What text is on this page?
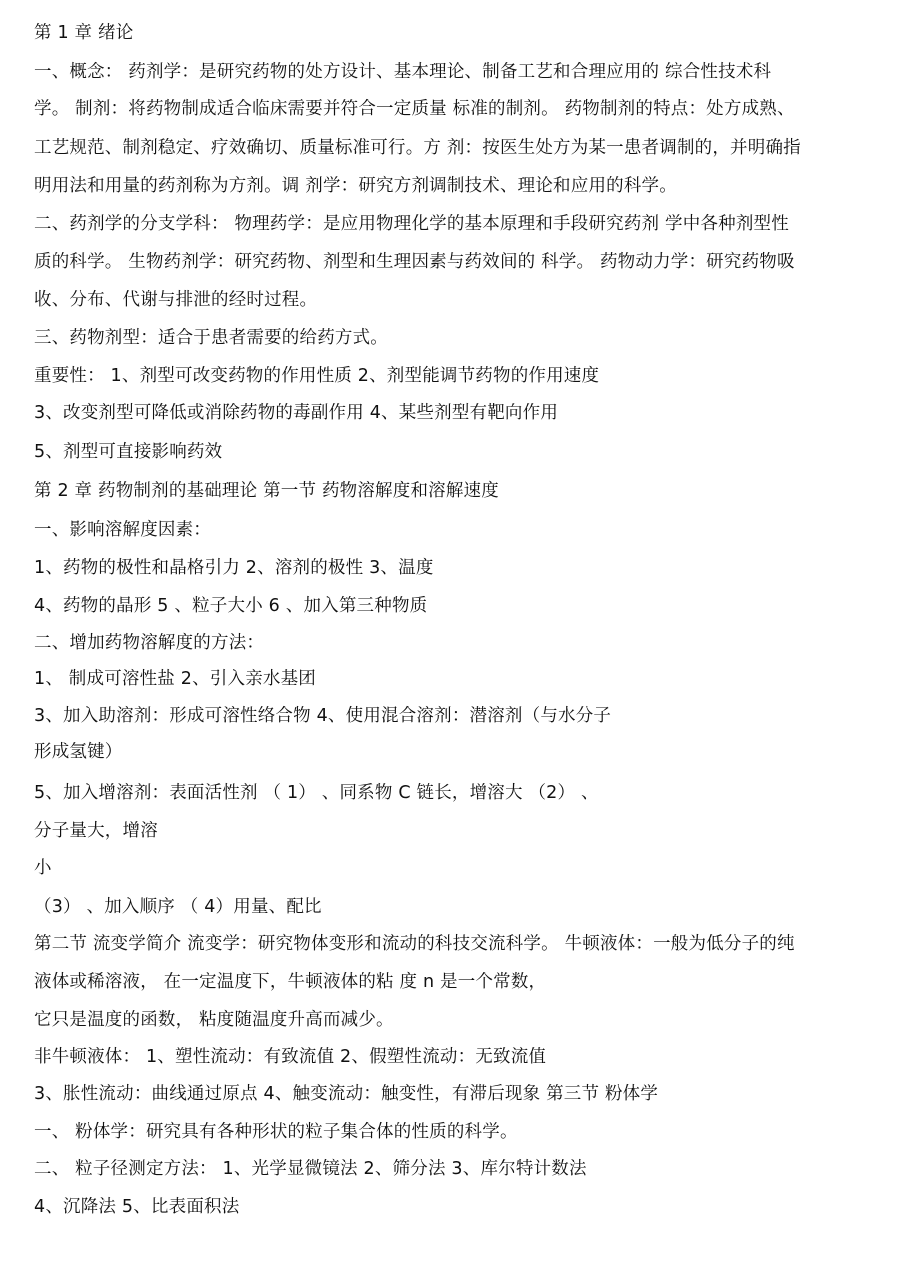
第 1 章 绪论
一、概念： 药剂学：是研究药物的处方设计、基本理论、制备工艺和合理应用的 综合性技术科
学。 制剂：将药物制成适合临床需要并符合一定质量 标准的制剂。 药物制剂的特点：处方成熟、
工艺规范、制剂稳定、疗效确切、质量标准可行。方 剂：按医生处方为某一患者调制的，并明确指
明用法和用量的药剂称为方剂。调 剂学：研究方剂调制技术、理论和应用的科学。
二、药剂学的分支学科： 物理药学：是应用物理化学的基本原理和手段研究药剂 学中各种剂型性
质的科学。 生物药剂学：研究药物、剂型和生理因素与药效间的 科学。 药物动力学：研究药物吸
收、分布、代谢与排泄的经时过程。
三、药物剂型：适合于患者需要的给药方式。
重要性： 1、剂型可改变药物的作用性质 2、剂型能调节药物的作用速度
3、改变剂型可降低或消除药物的毒副作用 4、某些剂型有靶向作用
5、剂型可直接影响药效
第 2 章 药物制剂的基础理论 第一节 药物溶解度和溶解速度
一、影响溶解度因素：
1、药物的极性和晶格引力 2、溶剂的极性 3、温度
4、药物的晶形 5 、粒子大小 6 、加入第三种物质
二、增加药物溶解度的方法：
1、 制成可溶性盐 2、引入亲水基团
3、加入助溶剂：形成可溶性络合物 4、使用混合溶剂：潜溶剂（与水分子
形成氢键）
5、加入增溶剂：表面活性剂 （ 1） 、同系物 C 链长，增溶大 （2） 、
分子量大，增溶
小
（3） 、加入顺序 （ 4）用量、配比
第二节 流变学简介 流变学：研究物体变形和流动的科技交流科学。 牛顿液体：一般为低分子的纯
液体或稀溶液， 在一定温度下，牛顿液体的粘 度 n 是一个常数，
它只是温度的函数， 粘度随温度升高而减少。
非牛顿液体： 1、塑性流动：有致流值 2、假塑性流动：无致流值
3、胀性流动：曲线通过原点 4、触变流动：触变性，有滞后现象 第三节 粉体学
一、 粉体学：研究具有各种形状的粒子集合体的性质的科学。
二、 粒子径测定方法： 1、光学显微镜法 2、筛分法 3、库尔特计数法
4、沉降法 5、比表面积法
